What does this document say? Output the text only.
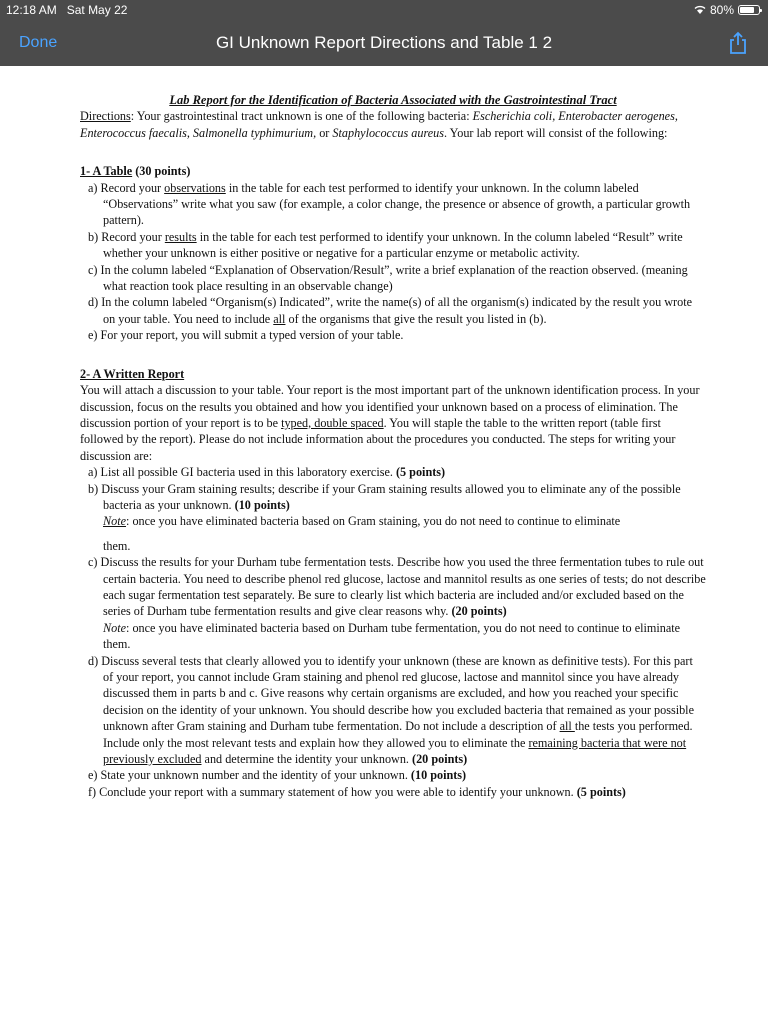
12:18 AM Sat May 22	80%
Done	GI Unknown Report Directions and Table 1 2

Lab Report for the Identification of Bacteria Associated with the Gastrointestinal Tract

Directions: Your gastrointestinal tract unknown is one of the following bacteria: Escherichia coli, Enterobacter aerogenes, Enterococcus faecalis, Salmonella typhimurium, or Staphylococcus aureus. Your lab report will consist of the following:

1- A Table (30 points)

a) Record your observations in the table for each test performed to identify your unknown. In the column labeled “Observations” write what you saw (for example, a color change, the presence or absence of growth, a particular growth pattern).

b) Record your results in the table for each test performed to identify your unknown. In the column labeled “Result” write whether your unknown is either positive or negative for a particular enzyme or metabolic activity.

c) In the column labeled “Explanation of Observation/Result”, write a brief explanation of the reaction observed. (meaning what reaction took place resulting in an observable change)

d) In the column labeled “Organism(s) Indicated”, write the name(s) of all the organism(s) indicated by the result you wrote on your table. You need to include all of the organisms that give the result you listed in (b).

e) For your report, you will submit a typed version of your table.

2- A Written Report

You will attach a discussion to your table. Your report is the most important part of the unknown identification process. In your discussion, focus on the results you obtained and how you identified your unknown based on a process of elimination. The discussion portion of your report is to be typed, double spaced. You will staple the table to the written report (table first followed by the report). Please do not include information about the procedures you conducted. The steps for writing your discussion are:

a) List all possible GI bacteria used in this laboratory exercise. (5 points)

b) Discuss your Gram staining results; describe if your Gram staining results allowed you to eliminate any of the possible bacteria as your unknown. (10 points)

Note: once you have eliminated bacteria based on Gram staining, you do not need to continue to eliminate

them.

c) Discuss the results for your Durham tube fermentation tests. Describe how you used the three fermentation tubes to rule out certain bacteria. You need to describe phenol red glucose, lactose and mannitol results as one series of tests; do not describe each sugar fermentation test separately. Be sure to clearly list which bacteria are included and/or excluded based on the series of Durham tube fermentation results and give clear reasons why. (20 points)

Note: once you have eliminated bacteria based on Durham tube fermentation, you do not need to continue to eliminate them.

d) Discuss several tests that clearly allowed you to identify your unknown (these are known as definitive tests). For this part of your report, you cannot include Gram staining and phenol red glucose, lactose and mannitol since you have already discussed them in parts b and c. Give reasons why certain organisms are excluded, and how you reached your specific decision on the identity of your unknown. You should describe how you excluded bacteria that remained as your possible unknown after Gram staining and Durham tube fermentation. Do not include a description of all the tests you performed. Include only the most relevant tests and explain how they allowed you to eliminate the remaining bacteria that were not previously excluded and determine the identity your unknown. (20 points)

e) State your unknown number and the identity of your unknown. (10 points)

f) Conclude your report with a summary statement of how you were able to identify your unknown. (5 points)
